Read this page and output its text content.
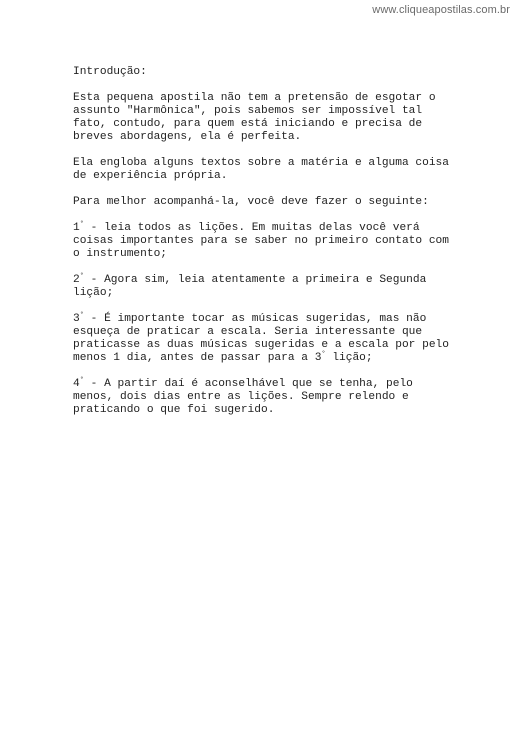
www.cliqueapostilas.com.br

Introdução:

Esta pequena apostila não tem a pretensão de esgotar o assunto "Harmônica", pois sabemos ser impossível tal fato, contudo, para quem está iniciando e precisa de breves abordagens, ela é perfeita.

Ela engloba alguns textos sobre a matéria e alguma coisa de experiência própria.

Para melhor acompanhá-la, você deve fazer o seguinte:

1° - leia todos as lições. Em muitas delas você verá coisas importantes para se saber no primeiro contato com o instrumento;

2° - Agora sim, leia atentamente a primeira e Segunda lição;

3° - É importante tocar as músicas sugeridas, mas não esqueça de praticar a escala. Seria interessante que praticasse as duas músicas sugeridas e a escala por pelo menos 1 dia, antes de passar para a 3° lição;

4° - A partir daí é aconselhável que se tenha, pelo menos, dois dias entre as lições. Sempre relendo e praticando o que foi sugerido.
